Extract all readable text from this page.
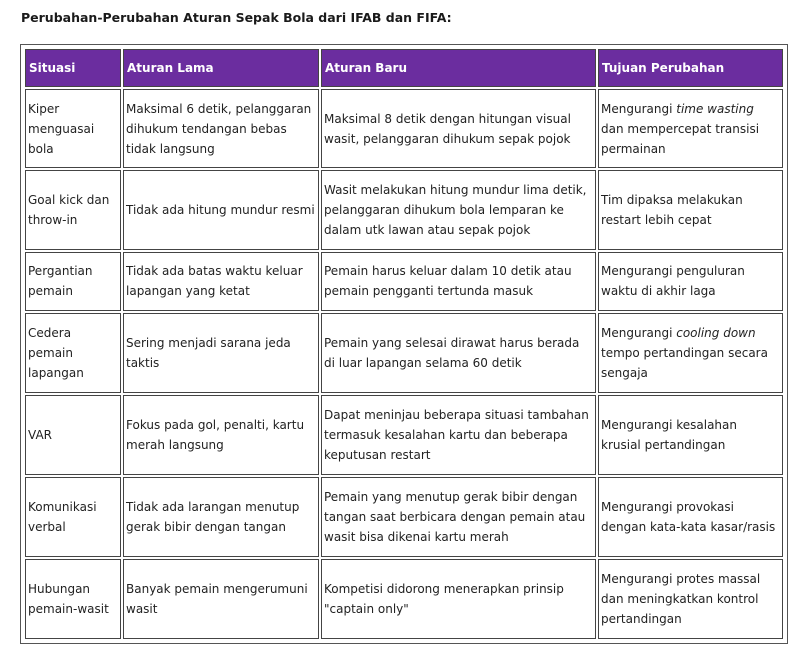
Perubahan-Perubahan Aturan Sepak Bola dari IFAB dan FIFA:
Situasi	Aturan Lama	Aturan Baru	Tujuan Perubahan
Kiper menguasai bola	Maksimal 6 detik, pelanggaran dihukum tendangan bebas tidak langsung	Maksimal 8 detik dengan hitungan visual wasit, pelanggaran dihukum sepak pojok	Mengurangi time wasting dan mempercepat transisi permainan
Goal kick dan throw-in	Tidak ada hitung mundur resmi	Wasit melakukan hitung mundur lima detik, pelanggaran dihukum bola lemparan ke dalam utk lawan atau sepak pojok	Tim dipaksa melakukan restart lebih cepat
Pergantian pemain	Tidak ada batas waktu keluar lapangan yang ketat	Pemain harus keluar dalam 10 detik atau pemain pengganti tertunda masuk	Mengurangi penguluran waktu di akhir laga
Cedera pemain lapangan	Sering menjadi sarana jeda taktis	Pemain yang selesai dirawat harus berada di luar lapangan selama 60 detik	Mengurangi cooling down tempo pertandingan secara sengaja
VAR	Fokus pada gol, penalti, kartu merah langsung	Dapat meninjau beberapa situasi tambahan termasuk kesalahan kartu dan beberapa keputusan restart	Mengurangi kesalahan krusial pertandingan
Komunikasi verbal	Tidak ada larangan menutup gerak bibir dengan tangan	Pemain yang menutup gerak bibir dengan tangan saat berbicara dengan pemain atau wasit bisa dikenai kartu merah	Mengurangi provokasi dengan kata-kata kasar/rasis
Hubungan pemain-wasit	Banyak pemain mengerumuni wasit	Kompetisi didorong menerapkan prinsip "captain only"	Mengurangi protes massal dan meningkatkan kontrol pertandingan
